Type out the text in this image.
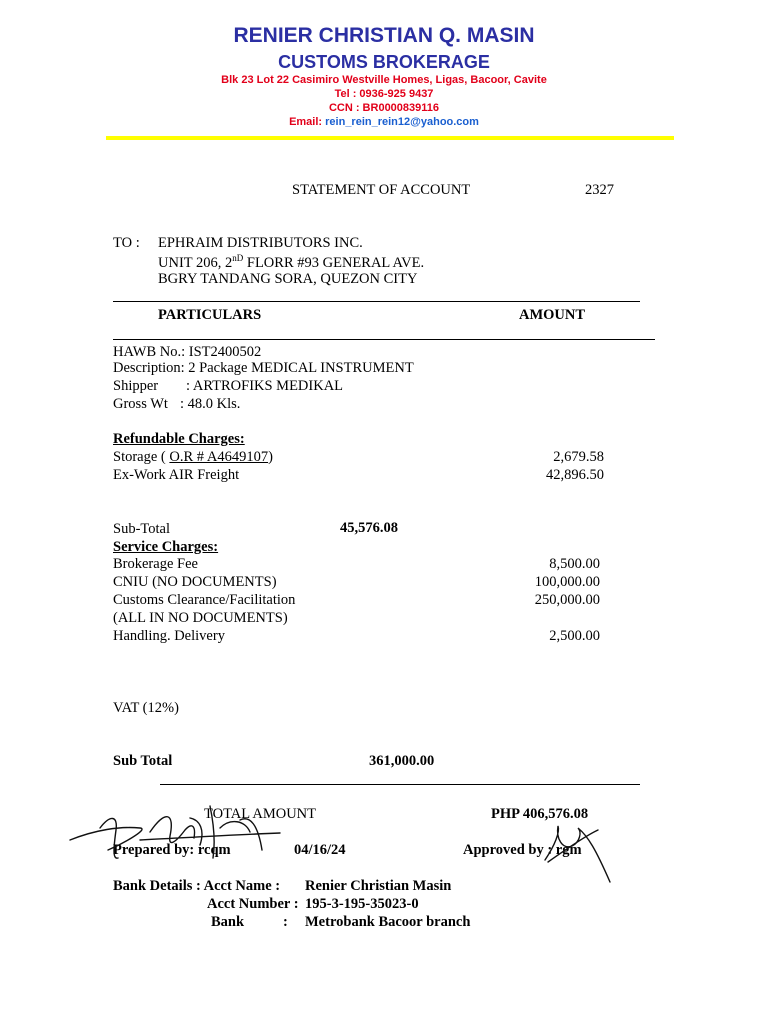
RENIER CHRISTIAN Q. MASIN
CUSTOMS BROKERAGE
Blk 23 Lot 22 Casimiro Westville Homes, Ligas, Bacoor, Cavite
Tel : 0936-925 9437
CCN : BR0000839116
Email: rein_rein_rein12@yahoo.com
STATEMENT OF ACCOUNT	2327
TO : EPHRAIM DISTRIBUTORS INC.
UNIT 206, 2nD FLORR #93 GENERAL AVE.
BGRY TANDANG SORA, QUEZON CITY
PARTICULARS	AMOUNT
HAWB No.: IST2400502
Description: 2 Package MEDICAL INSTRUMENT
Shipper : ARTROFIKS MEDIKAL
Gross Wt : 48.0 Kls.
Refundable Charges:
Storage ( O.R # A4649107)	2,679.58
Ex-Work AIR Freight	42,896.50
Sub-Total	45,576.08
Service Charges:
Brokerage Fee	8,500.00
CNIU (NO DOCUMENTS)	100,000.00
Customs Clearance/Facilitation	250,000.00
(ALL IN NO DOCUMENTS)
Handling. Delivery	2,500.00
VAT (12%)
Sub Total	361,000.00
TOTAL AMOUNT	PHP 406,576.08
Prepared by: rcqm	04/16/24	Approved by : rgm
Bank Details : Acct Name : Renier Christian Masin
Acct Number : 195-3-195-35023-0
Bank	: Metrobank Bacoor branch
